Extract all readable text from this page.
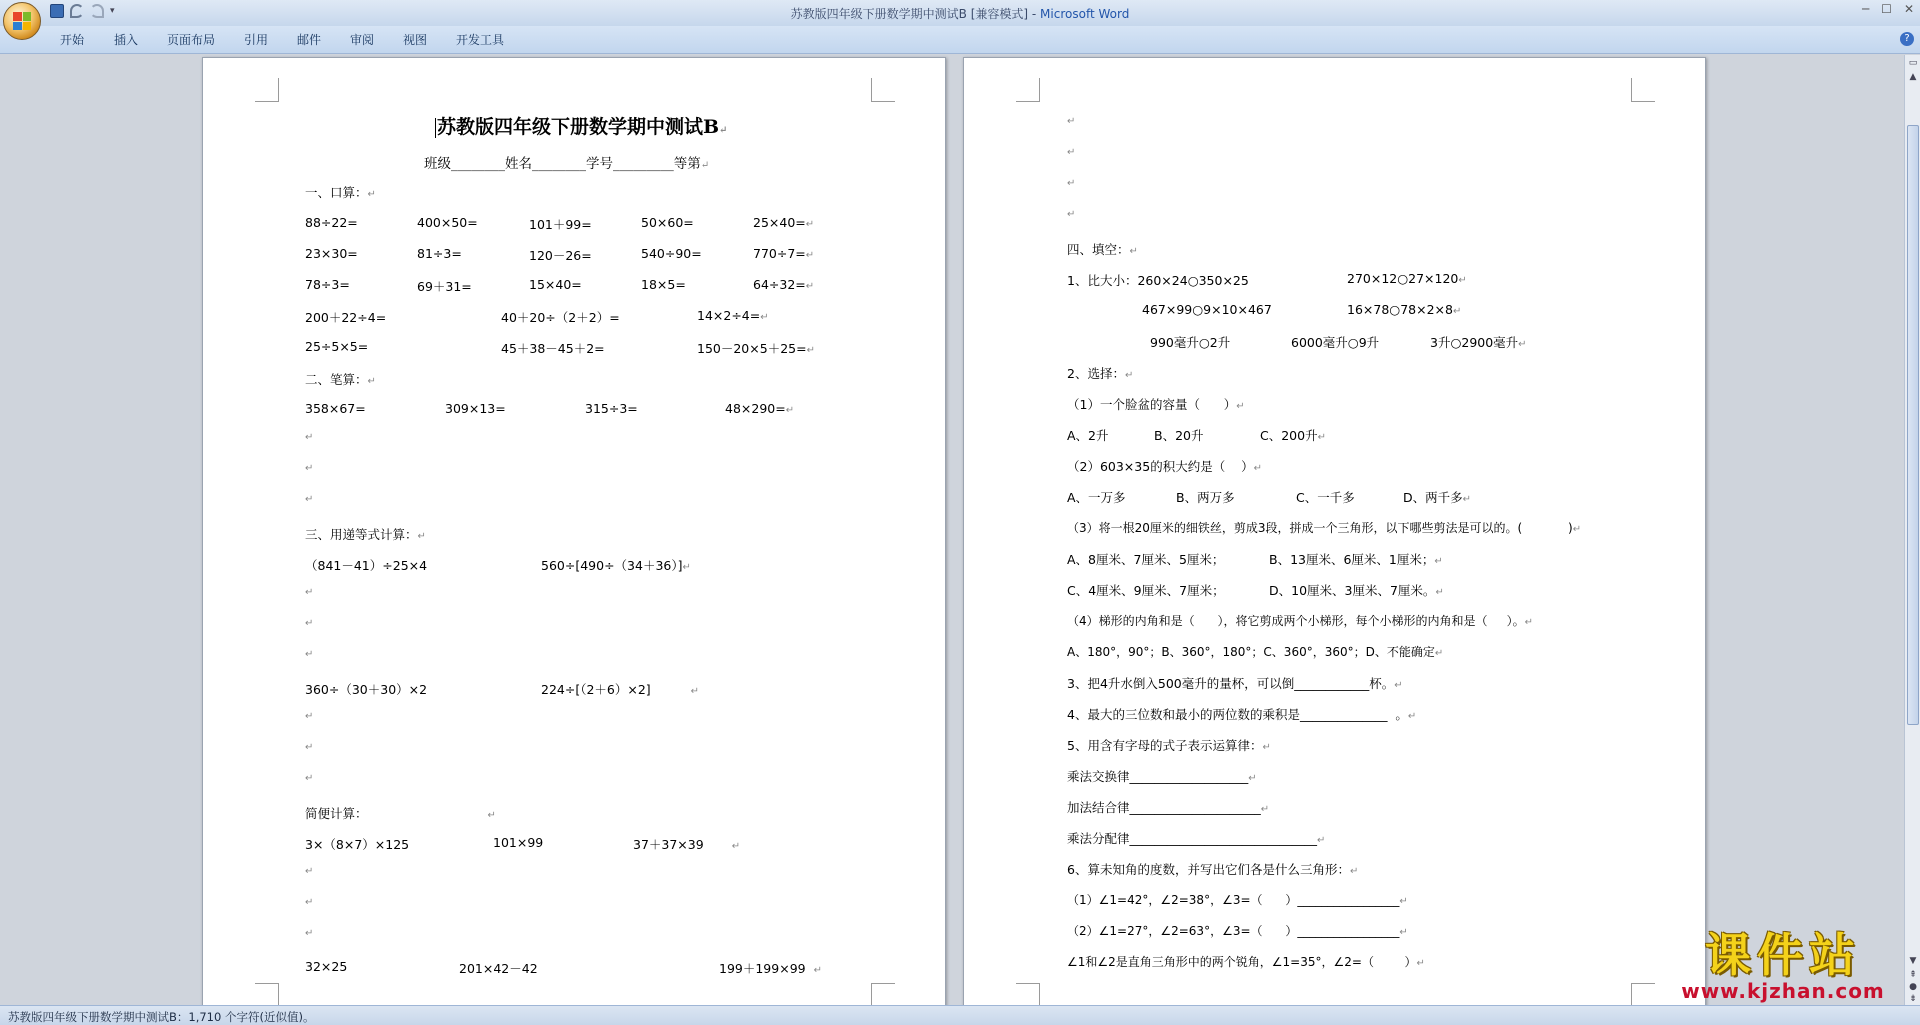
▾	苏教版四年级下册数学期中测试B [兼容模式] - Microsoft Word	─ ☐ ✕
开始 插入 页面布局 引用 邮件 审阅 视图 开发工具	?
苏教版四年级下册数学期中测试B↵
班级________姓名________学号_________等第↵
一、口算：↵
88÷22=	400×50=	101＋99=	50×60=	25×40=↵
23×30=	81÷3=	120－26=	540÷90=	770÷7=↵
78÷3=	69＋31=	15×40=	18×5=	64÷32=↵
200＋22÷4=	40＋20÷（2＋2）=	14×2÷4=↵
25÷5×5=	45＋38－45＋2=	150－20×5＋25=↵
二、笔算：↵
358×67=	309×13=	315÷3=	48×290=↵
↵
↵
↵
三、用递等式计算：↵
（841－41）÷25×4	560÷[490÷（34＋36）]↵
↵
↵
↵
360÷（30＋30）×2	224÷[（2＋6）×2]	↵
↵
↵
↵
简便计算：	↵
3×（8×7）×125	101×99	37＋37×39	↵
↵
↵
↵
32×25	201×42－42	199＋199×99 ↵
↵
↵
↵
↵
四、填空：↵
1、比大小：260×24○350×25	270×12○27×120↵
467×99○9×10×467	16×78○78×2×8↵
990毫升○2升	6000毫升○9升	3升○2900毫升↵
2、选择：↵
（1）一个脸盆的容量（      ）↵
A、2升	B、20升	C、200升↵
（2）603×35的积大约是（    ）↵
A、一万多	B、两万多	C、一千多	D、两千多↵
（3）将一根20厘米的细铁丝，剪成3段，拼成一个三角形，以下哪些剪法是可以的。(            )↵
A、8厘米、7厘米、5厘米；	B、13厘米、6厘米、1厘米；↵
C、4厘米、9厘米、7厘米；	D、10厘米、3厘米、7厘米。↵
（4）梯形的内角和是（      ），将它剪成两个小梯形，每个小梯形的内角和是（     ）。↵
A、180°，90°；B、360°，180°；C、360°，360°；D、不能确定↵
3、把4升水倒入500毫升的量杯，可以倒____________杯。↵
4、最大的三位数和最小的两位数的乘积是______________  。↵
5、用含有字母的式子表示运算律：↵
乘法交换律___________________↵
加法结合律_____________________↵
乘法分配律______________________________↵
6、算未知角的度数，并写出它们各是什么三角形：↵
（1）∠1=42°，∠2=38°，∠3=（      ）_________________↵
（2）∠1=27°，∠2=63°，∠3=（      ）_________________↵
∠1和∠2是直角三角形中的两个锐角，∠1=35°，∠2=（        ）↵
▭
▲
▼
⇞
●
⇟
苏教版四年级下册数学期中测试B：1,710 个字符(近似值)。
课件站
www.kjzhan.com
